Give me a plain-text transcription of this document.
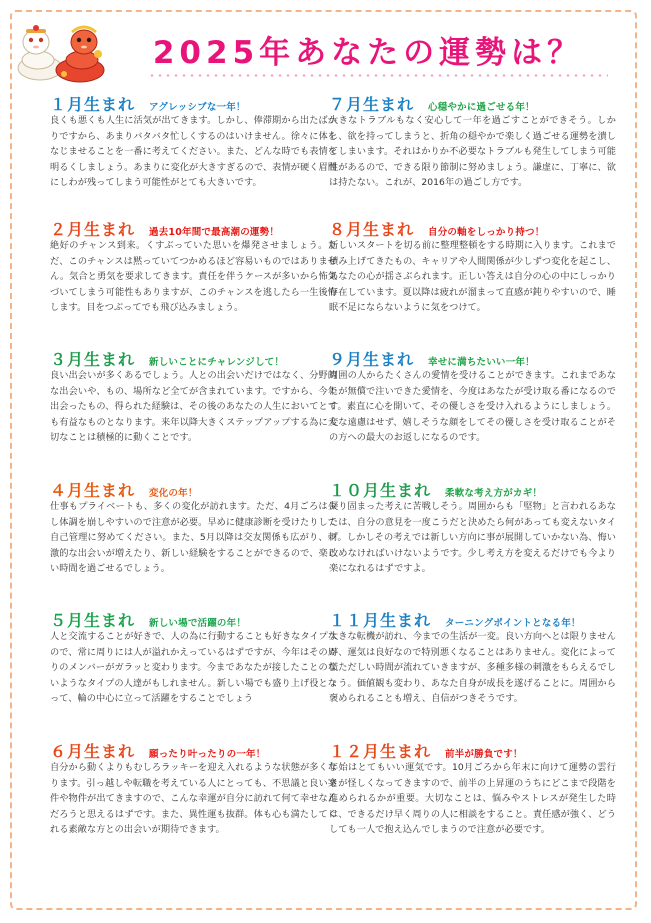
2025年あなたの運勢は？
１月生まれ アグレッシブな一年！
良くも悪くも人生に活気が出てきます。しかし、俸滞期から出たばかりですから、あまりバタバタ忙しくするのはいけません。徐々に体をなじませることを一番に考えてください。また、どんな時でも表情を明るくしましょう。あまりに変化が大きすぎるので、表情が硬く眉間にしわが残ってしまう可能性がとても大きいです。
２月生まれ 過去10年間で最高潮の運勢！
絶好のチャンス到来。くすぶっていた思いを爆発させましょう。ただ、このチャンスは黙っていてつかめるほど容易いものではありません。気合と勇気を要求してきます。責任を伴うケースが多いから怖気づいてしまう可能性もありますが、このチャンスを逃したら一生後悔します。目をつぶってでも飛び込みましょう。
３月生まれ 新しいことにチャレンジして！
良い出会いが多くあるでしょう。人との出会いだけではなく、分野的な出会いや、もの、場所など全てが含まれています。ですから、今年出会ったもの、得られた経験は、その後のあなたの人生においてとても有益なものとなります。来年以降大きくステップアップする為に大切なことは積極的に動くことです。
４月生まれ 変化の年！
仕事もプライベートも、多くの変化が訪れます。ただ、4月ごろは少し体調を崩しやすいので注意が必要。早めに健康診断を受けたりして自己管理に努めてください。また、5月以降は交友関係も広がり、刺激的な出会いが増えたり、新しい経験をすることができるので、楽しい時間を過ごせるでしょう。
５月生まれ 新しい場で活躍の年！
人と交流することが好きで、人の為に行動することも好きなタイプなので、常に周りには人が溢れかえっているはずですが、今年はその周りのメンバーがガラッと変わります。今まであなたが接したことのないようなタイプの人達がもしれません。新しい場でも盛り上げ役となって、輪の中心に立って活躍をすることでしょう
６月生まれ 願ったり叶ったりの一年！
自分から動くよりもむしろラッキーを迎え入れるような状態が多くなります。引っ越しや転職を考えている人にとっても、不思議と良い案件や物件が出てきますので、こんな幸運が自分に訪れて何て幸せなんだろうと思えるはずです。また、異性運も抜群。体も心も満たしてくれる素敵な方との出会いが期待できます。
７月生まれ 心穏やかに過ごせる年！
大きなトラブルもなく安心して一年を過ごすことができそう。しかし、欲を持ってしまうと、折角の穏やかで楽しく過ごせる運勢を潰してしまいます。それはかりか不必要なトラブルも発生してしまう可能性があるので、できる限り節制に努めましょう。謙虚に、丁寧に、欲は持たない。これが、2016年の過ごし方です。
８月生まれ 自分の軸をしっかり持つ！
新しいスタートを切る前に整理整頓をする時期に入ります。これまで積み上げてきたもの、キャリアや人間関係が少しずつ変化を起こし、あなたの心が揺さぶられます。正しい答えは自分の心の中にしっかり存在しています。夏以降は疲れが溜まって直感が鈍りやすいので、睡眠不足にならないように気をつけて。
９月生まれ 幸せに満ちたいい一年！
周囲の人からたくさんの愛情を受けることができます。これまであなたが無償で注いできた愛情を、今度はあなたが受け取る番になるのです。素直に心を開いて、その優しさを受け入れるようにしましょう。変な遠慮はせず、嬉しそうな顔をしてその優しさを受け取ることがその方への最大のお返しになるのです。
１０月生まれ 柔軟な考え方がカギ！
凝り固まった考えに苦戦しそう。周囲からも「堅物」と言われるあなたは、自分の意見を一度こうだと決めたら何があっても変えないタイプ。しかしその考えでは新しい方向に事が展開していかない為、悔い改めなければいけないようです。少し考え方を変えるだけでも今より楽になれるはずですよ。
１１月生まれ ターニングポイントとなる年！
大きな転機が訪れ、今までの生活が一変。良い方向へとは限りませんが、運気は良好なので特別悪くなることはありません。変化によって慌ただしい時間が流れていきますが、多種多様の刺激をもらえるでしょう。価値観も変わり、あなた自身が成長を遂げることに。周囲から褒められることも増え、自信がつきそうです。
１２月生まれ 前半が勝負です！
年始はとてもいい運気です。10月ごろから年末に向けて運勢の雲行きが怪しくなってきますので、前半の上昇運のうちにどこまで段階を進められるかが重要。大切なことは、悩みやストレスが発生した時は、できるだけ早く周りの人に相談をすること。責任感が強く、どうしても一人で抱え込んでしまうので注意が必要です。
